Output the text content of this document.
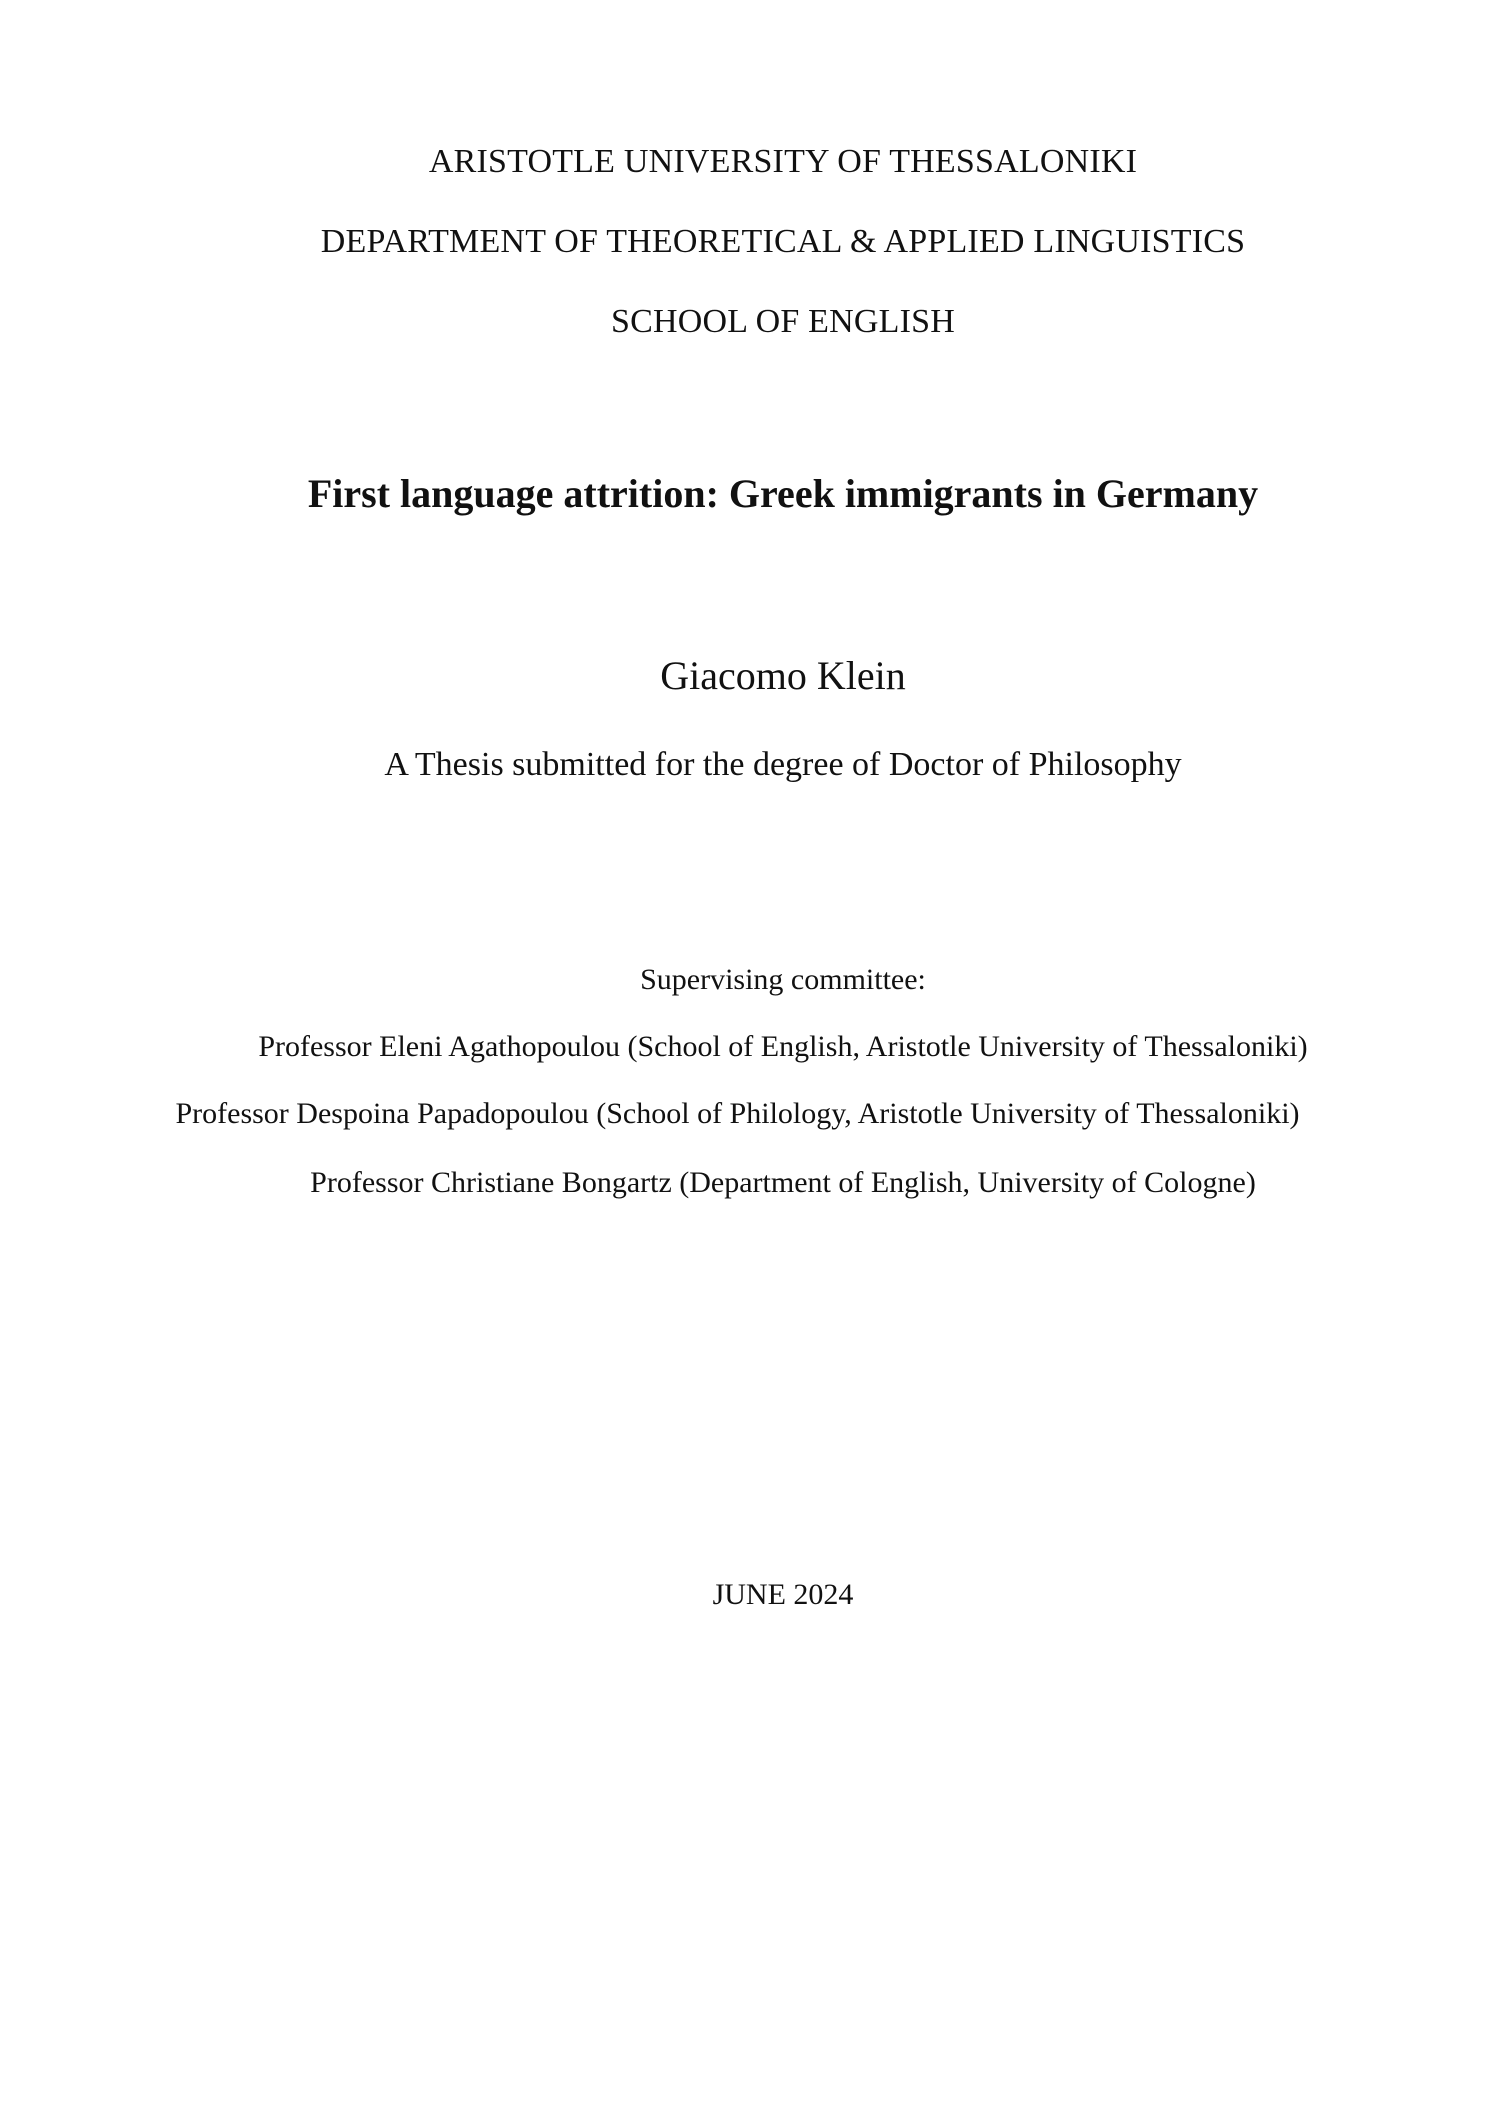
ARISTOTLE UNIVERSITY OF THESSALONIKI
DEPARTMENT OF THEORETICAL & APPLIED LINGUISTICS
SCHOOL OF ENGLISH
First language attrition: Greek immigrants in Germany
Giacomo Klein
A Thesis submitted for the degree of Doctor of Philosophy
Supervising committee:
Professor Eleni Agathopoulou (School of English, Aristotle University of Thessaloniki)
Professor Despoina Papadopoulou (School of Philology, Aristotle University of Thessaloniki)
Professor Christiane Bongartz (Department of English, University of Cologne)
JUNE 2024
